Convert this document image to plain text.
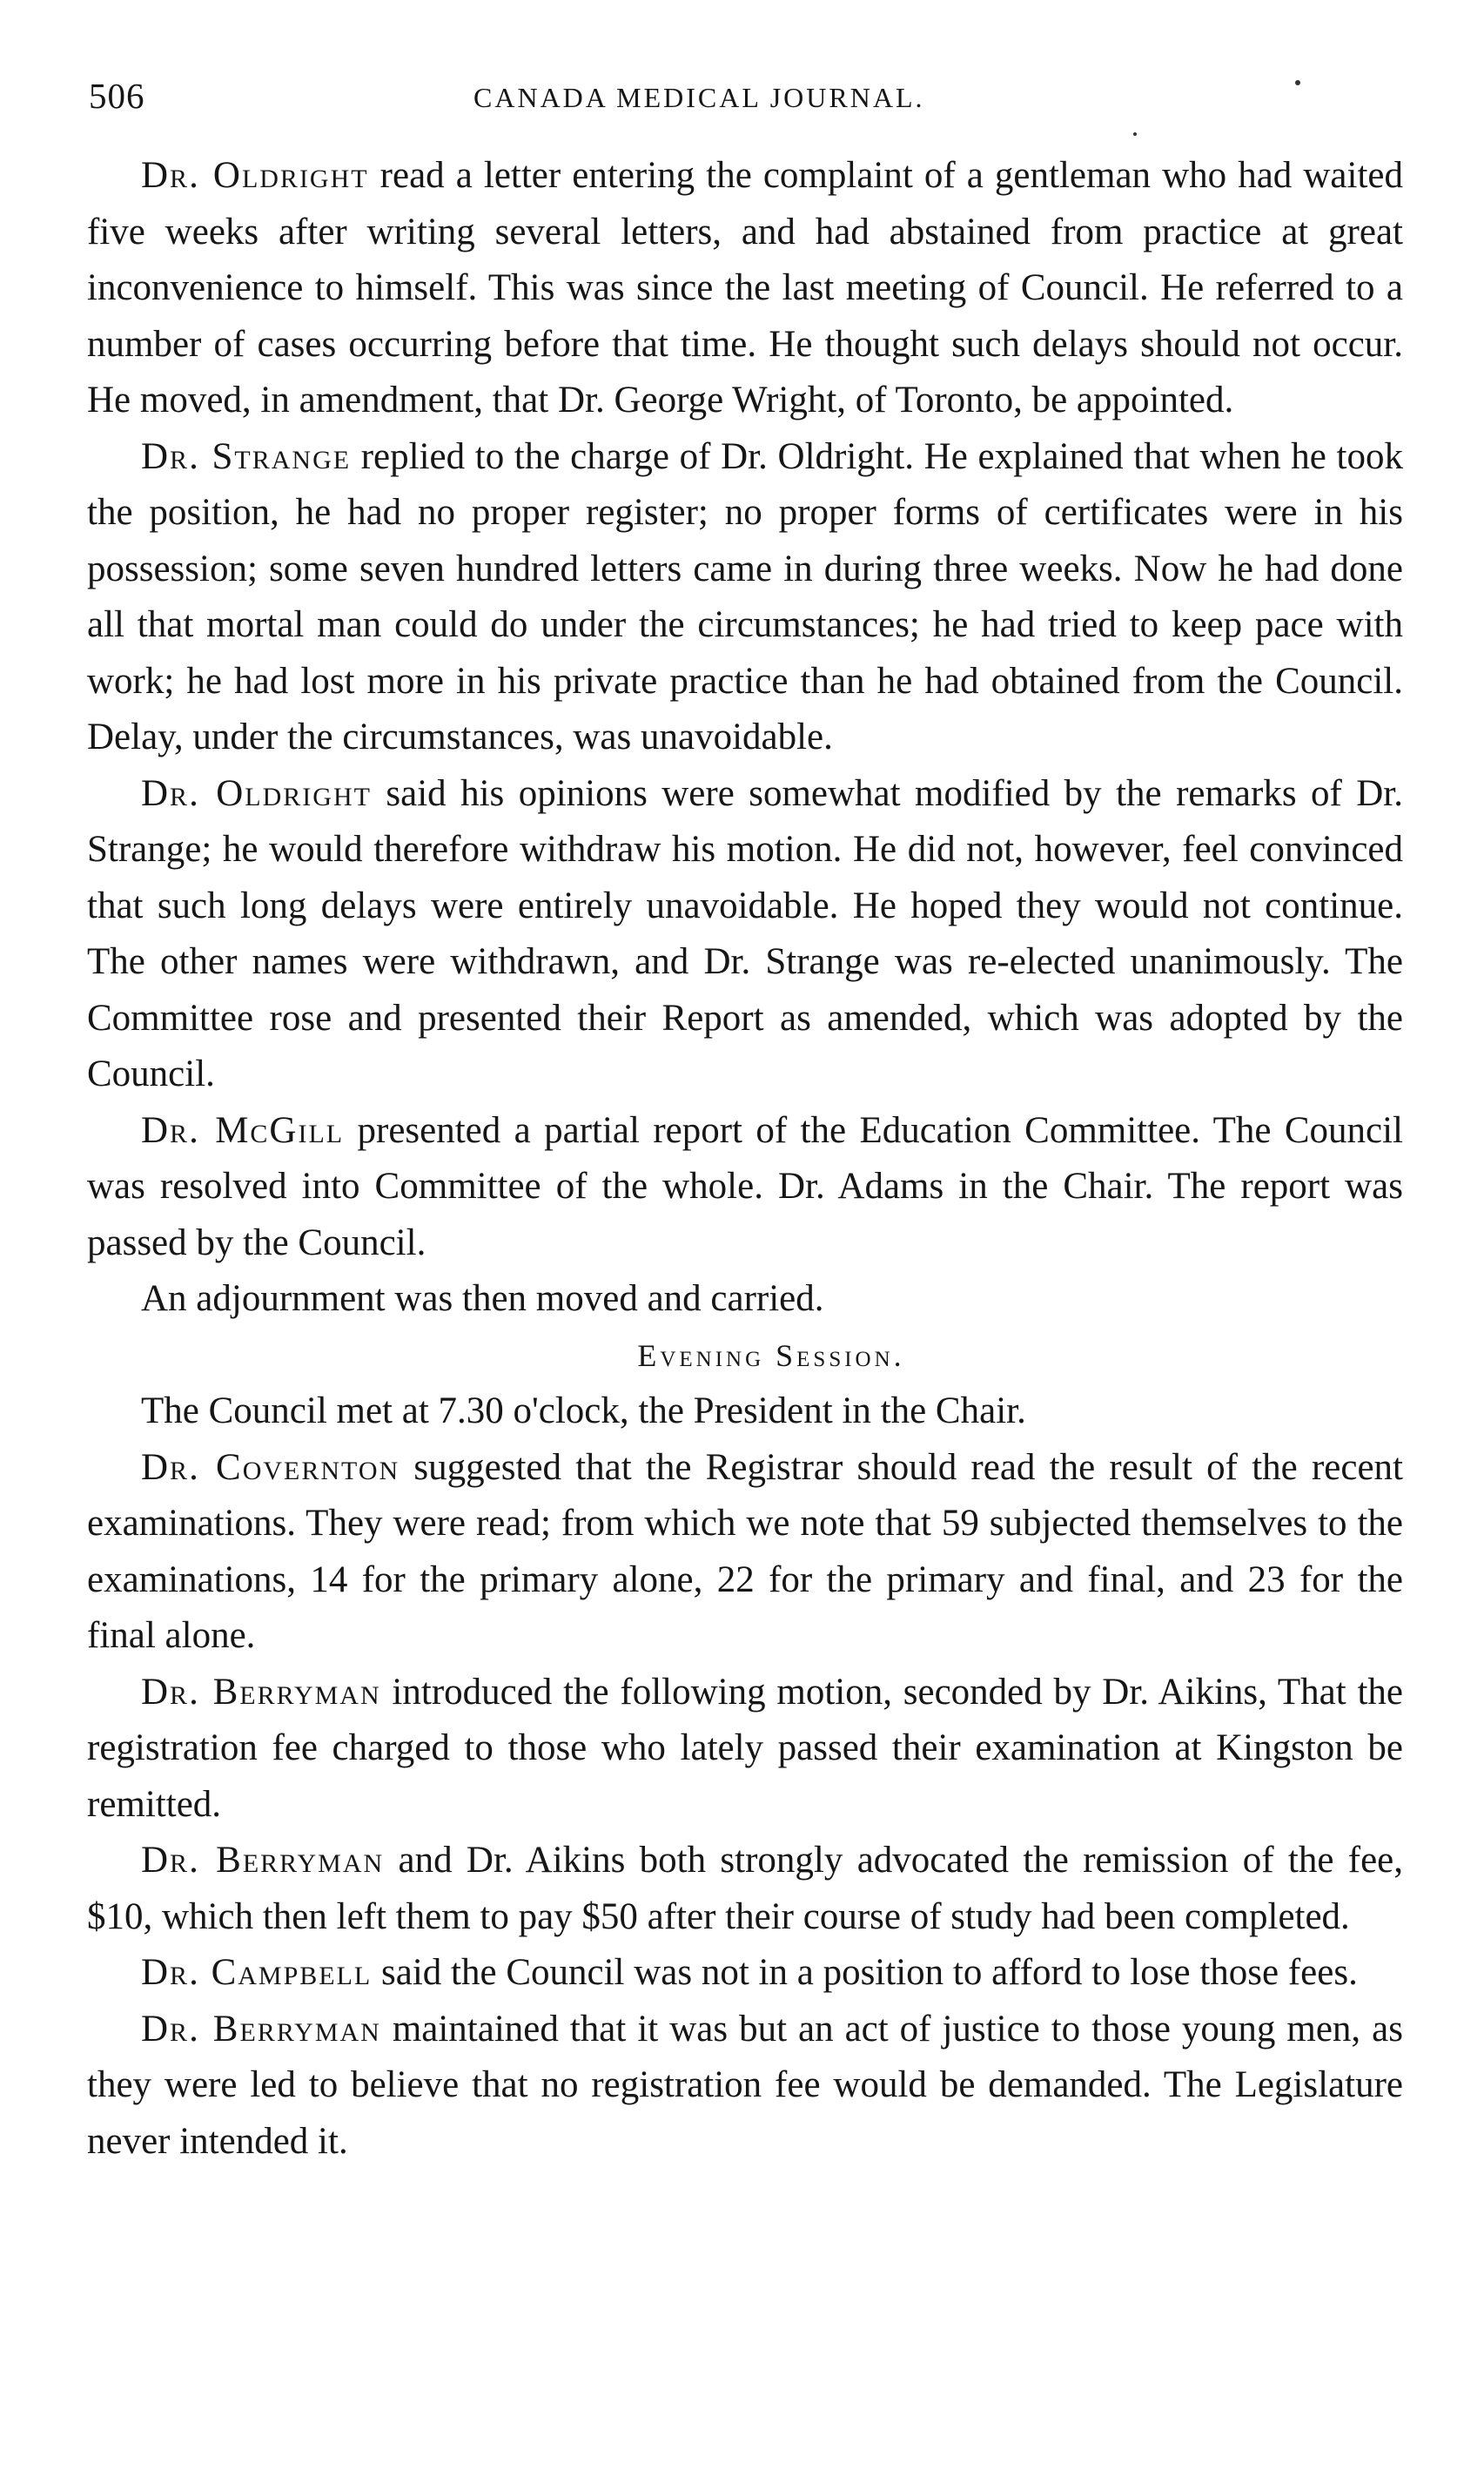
506	CANADA MEDICAL JOURNAL.

Dr. Oldright read a letter entering the complaint of a gentleman who had waited five weeks after writing several letters, and had abstained from practice at great inconvenience to himself. This was since the last meeting of Council. He referred to a number of cases occurring before that time. He thought such delays should not occur. He moved, in amendment, that Dr. George Wright, of Toronto, be appointed.

Dr. Strange replied to the charge of Dr. Oldright. He explained that when he took the position, he had no proper register; no proper forms of certificates were in his possession; some seven hundred letters came in during three weeks. Now he had done all that mortal man could do under the circumstances; he had tried to keep pace with work; he had lost more in his private practice than he had obtained from the Council. Delay, under the circumstances, was unavoidable.

Dr. Oldright said his opinions were somewhat modified by the remarks of Dr. Strange; he would therefore withdraw his motion. He did not, however, feel convinced that such long delays were entirely unavoidable. He hoped they would not continue. The other names were withdrawn, and Dr. Strange was re-elected unanimously. The Committee rose and presented their Report as amended, which was adopted by the Council.

Dr. McGill presented a partial report of the Education Committee. The Council was resolved into Committee of the whole. Dr. Adams in the Chair. The report was passed by the Council.

An adjournment was then moved and carried.

Evening Session.

The Council met at 7.30 o'clock, the President in the Chair.

Dr. Covernton suggested that the Registrar should read the result of the recent examinations. They were read; from which we note that 59 subjected themselves to the examinations, 14 for the primary alone, 22 for the primary and final, and 23 for the final alone.

Dr. Berryman introduced the following motion, seconded by Dr. Aikins, That the registration fee charged to those who lately passed their examination at Kingston be remitted.

Dr. Berryman and Dr. Aikins both strongly advocated the remission of the fee, $10, which then left them to pay $50 after their course of study had been completed.

Dr. Campbell said the Council was not in a position to afford to lose those fees.

Dr. Berryman maintained that it was but an act of justice to those young men, as they were led to believe that no registration fee would be demanded. The Legislature never intended it.
